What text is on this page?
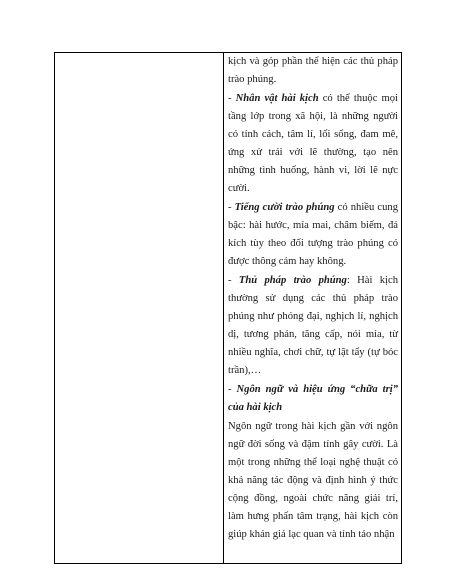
kịch và góp phần thể hiện các thủ pháp trào phúng.

- Nhân vật hài kịch có thể thuộc mọi tầng lớp trong xã hội, là những người có tính cách, tâm lí, lối sống, đam mê, ứng xử trái với lẽ thường, tạo nên những tình huống, hành vi, lời lẽ nực cười.

- Tiếng cười trào phúng có nhiều cung bậc: hài hước, mỉa mai, châm biếm, đả kích tùy theo đối tượng trào phúng có được thông cảm hay không.

- Thủ pháp trào phúng: Hài kịch thường sử dụng các thủ pháp trào phúng như phóng đại, nghịch lí, nghịch dị, tương phản, tăng cấp, nói mỉa, từ nhiều nghĩa, chơi chữ, tự lật tẩy (tự bóc trần),…

- Ngôn ngữ và hiệu ứng “chữa trị” của hài kịch

Ngôn ngữ trong hài kịch gần với ngôn ngữ đời sống và đậm tính gây cười. Là một trong những thể loại nghệ thuật có khả năng tác động và định hình ý thức cộng đồng, ngoài chức năng giải trí, làm hưng phấn tâm trạng, hài kịch còn giúp khán giả lạc quan và tỉnh táo nhận
